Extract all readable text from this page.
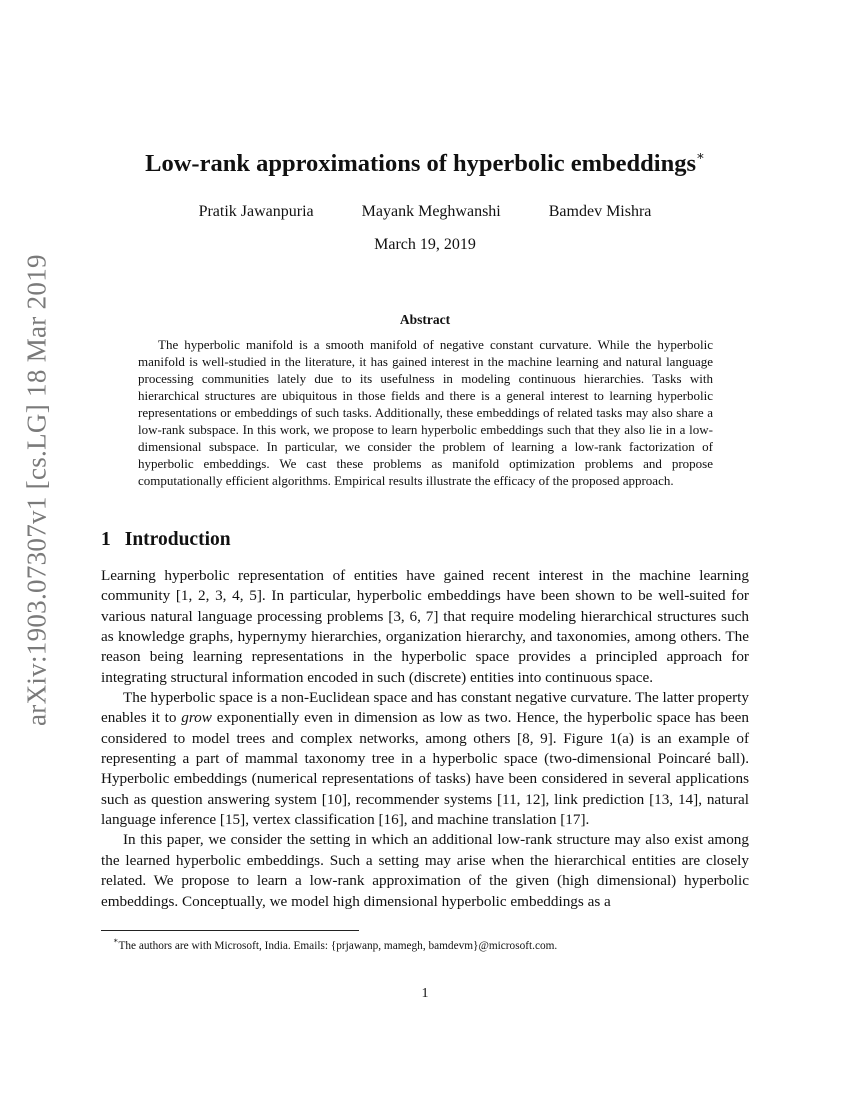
arXiv:1903.07307v1 [cs.LG] 18 Mar 2019
Low-rank approximations of hyperbolic embeddings∗
Pratik Jawanpuria	Mayank Meghwanshi	Bamdev Mishra
March 19, 2019
Abstract

The hyperbolic manifold is a smooth manifold of negative constant curvature. While the hyperbolic manifold is well-studied in the literature, it has gained interest in the machine learning and natural language processing communities lately due to its usefulness in modeling continuous hierarchies. Tasks with hierarchical structures are ubiquitous in those fields and there is a general interest to learning hyperbolic representations or embeddings of such tasks. Additionally, these embeddings of related tasks may also share a low-rank subspace. In this work, we propose to learn hyperbolic embeddings such that they also lie in a low-dimensional subspace. In particular, we consider the problem of learning a low-rank factorization of hyperbolic embeddings. We cast these problems as manifold optimization problems and propose computationally efficient algorithms. Empirical results illustrate the efficacy of the proposed approach.

1 Introduction

Learning hyperbolic representation of entities have gained recent interest in the machine learning community [1, 2, 3, 4, 5]. In particular, hyperbolic embeddings have been shown to be well-suited for various natural language processing problems [3, 6, 7] that require modeling hierarchical structures such as knowledge graphs, hypernymy hierarchies, organization hierarchy, and taxonomies, among others. The reason being learning representations in the hyperbolic space provides a principled approach for integrating structural information encoded in such (discrete) entities into continuous space.

The hyperbolic space is a non-Euclidean space and has constant negative curvature. The latter property enables it to grow exponentially even in dimension as low as two. Hence, the hyperbolic space has been considered to model trees and complex networks, among others [8, 9]. Figure 1(a) is an example of representing a part of mammal taxonomy tree in a hyperbolic space (two-dimensional Poincaré ball). Hyperbolic embeddings (numerical representations of tasks) have been considered in several applications such as question answering system [10], recommender systems [11, 12], link prediction [13, 14], natural language inference [15], vertex classification [16], and machine translation [17].

In this paper, we consider the setting in which an additional low-rank structure may also exist among the learned hyperbolic embeddings. Such a setting may arise when the hierarchical entities are closely related. We propose to learn a low-rank approximation of the given (high dimensional) hyperbolic embeddings. Conceptually, we model high dimensional hyperbolic embeddings as a

∗The authors are with Microsoft, India. Emails: {prjawanp, mamegh, bamdevm}@microsoft.com.
1
